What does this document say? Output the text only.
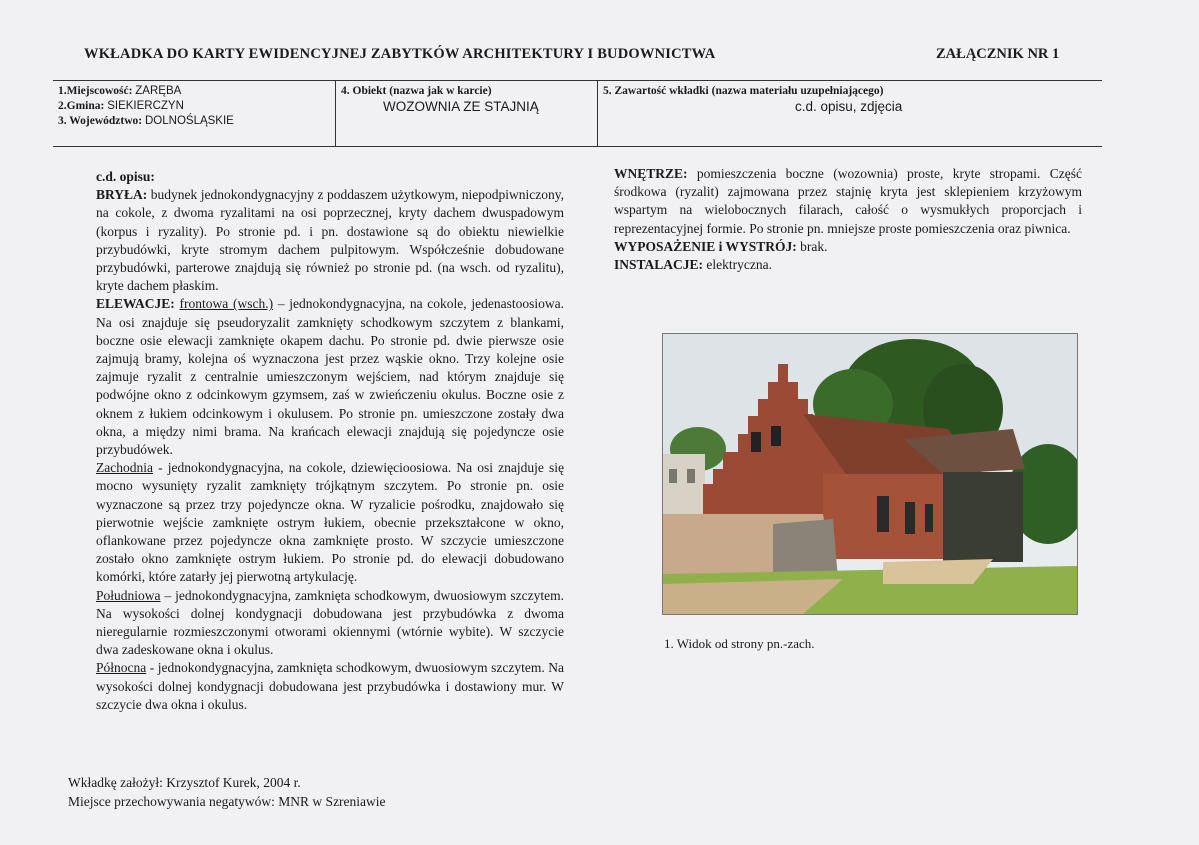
WKŁADKA DO KARTY EWIDENCYJNEJ ZABYTKÓW ARCHITEKTURY I BUDOWNICTWA	ZAŁĄCZNIK NR 1
1.Miejscowość: ZARĘBA
2.Gmina: SIEKIERCZYN
3. Województwo: DOLNOŚLĄSKIE
4. Obiekt (nazwa jak w karcie)
WOZOWNIA ZE STAJNIĄ
5. Zawartość wkładki (nazwa materiału uzupełniającego)
c.d. opisu, zdjęcia

c.d. opisu:

BRYŁA: budynek jednokondygnacyjny z poddaszem użytkowym, niepodpiwniczony, na cokole, z dwoma ryzalitami na osi poprzecznej, kryty dachem dwuspadowym (korpus i ryzality). Po stronie pd. i pn. dostawione są do obiektu niewielkie przybudówki, kryte stromym dachem pulpitowym. Współcześnie dobudowane przybudówki, parterowe znajdują się również po stronie pd. (na wsch. od ryzalitu), kryte dachem płaskim.

ELEWACJE: frontowa (wsch.) – jednokondygnacyjna, na cokole, jedenastoosiowa. Na osi znajduje się pseudoryzalit zamknięty schodkowym szczytem z blankami, boczne osie elewacji zamknięte okapem dachu. Po stronie pd. dwie pierwsze osie zajmują bramy, kolejna oś wyznaczona jest przez wąskie okno. Trzy kolejne osie zajmuje ryzalit z centralnie umieszczonym wejściem, nad którym znajduje się podwójne okno z odcinkowym gzymsem, zaś w zwieńczeniu okulus. Boczne osie z oknem z łukiem odcinkowym i okulusem. Po stronie pn. umieszczone zostały dwa okna, a między nimi brama. Na krańcach elewacji znajdują się pojedyncze osie przybudówek.

Zachodnia - jednokondygnacyjna, na cokole, dziewięcioosiowa. Na osi znajduje się mocno wysunięty ryzalit zamknięty trójkątnym szczytem. Po stronie pn. osie wyznaczone są przez trzy pojedyncze okna. W ryzalicie pośrodku, znajdowało się pierwotnie wejście zamknięte ostrym łukiem, obecnie przekształcone w okno, oflankowane przez pojedyncze okna zamknięte prosto. W szczycie umieszczone zostało okno zamknięte ostrym łukiem. Po stronie pd. do elewacji dobudowano komórki, które zatarły jej pierwotną artykulację.

Południowa – jednokondygnacyjna, zamknięta schodkowym, dwuosiowym szczytem. Na wysokości dolnej kondygnacji dobudowana jest przybudówka z dwoma nieregularnie rozmieszczonymi otworami okiennymi (wtórnie wybite). W szczycie dwa zadeskowane okna i okulus.

Północna - jednokondygnacyjna, zamknięta schodkowym, dwuosiowym szczytem. Na wysokości dolnej kondygnacji dobudowana jest przybudówka i dostawiony mur. W szczycie dwa okna i okulus.

WNĘTRZE: pomieszczenia boczne (wozownia) proste, kryte stropami. Część środkowa (ryzalit) zajmowana przez stajnię kryta jest sklepieniem krzyżowym wspartym na wielobocznych filarach, całość o wysmukłych proporcjach i reprezentacyjnej formie. Po stronie pn. mniejsze proste pomieszczenia oraz piwnica.

WYPOSAŻENIE i WYSTRÓJ: brak.

INSTALACJE: elektryczna.

1. Widok od strony pn.-zach.
Wkładkę założył: Krzysztof Kurek, 2004 r.
Miejsce przechowywania negatywów: MNR w Szreniawie
